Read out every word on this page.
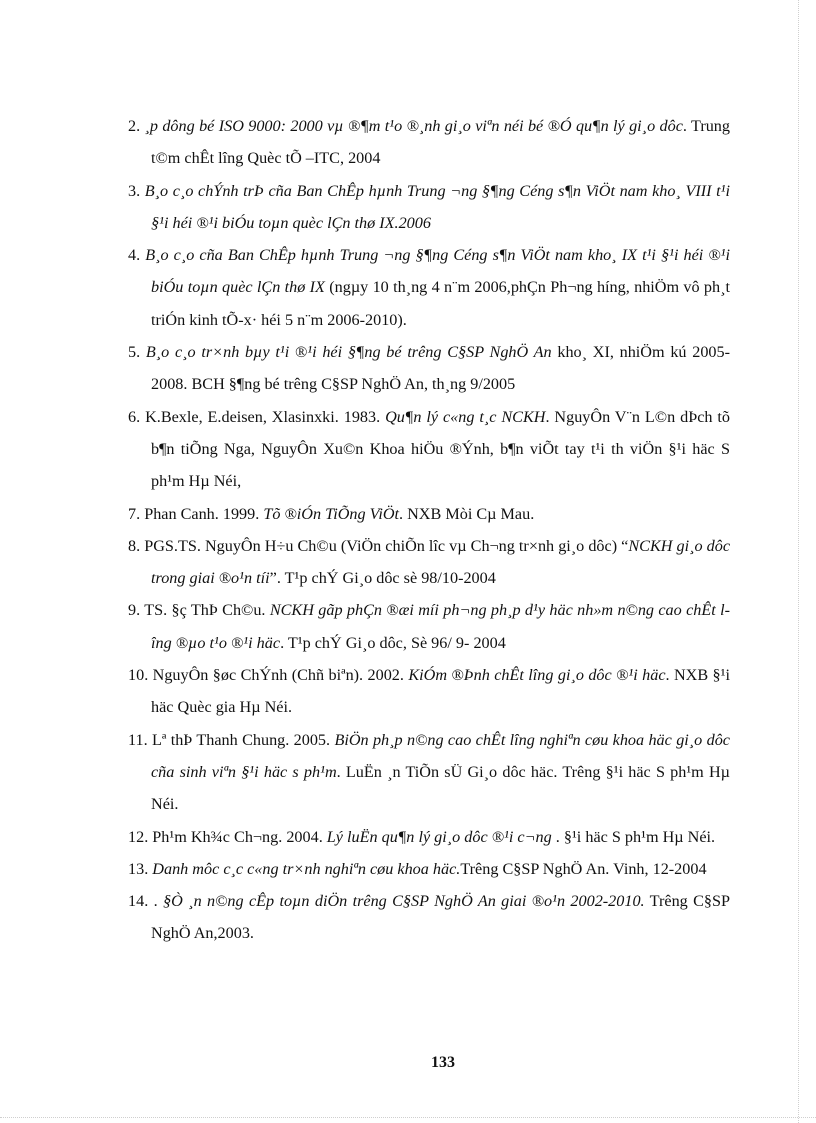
2. ¸p dông bé ISO 9000: 2000 vµ ®¶m t¹o ®¸nh gi¸o viªn néi bé ®Ó qu¶n lý gi¸o dôc. Trung t©m chÊt lîng Quèc tÕ –ITC, 2004
3. B¸o c¸o chÝnh trÞ cña Ban ChÊp hµnh Trung ¬ng §¶ng Céng s¶n ViÖt nam kho¸ VIII t¹i §¹i héi ®¹i biÓu toµn quèc lÇn thø IX.2006
4. B¸o c¸o cña Ban ChÊp hµnh Trung ¬ng §¶ng Céng s¶n ViÖt nam kho¸ IX t¹i §¹i héi ®¹i biÓu toµn quèc lÇn thø IX (ngµy 10 th¸ng 4 n¨m 2006,phÇn Ph¬ng híng, nhiÖm vô ph¸t triÓn kinh tÕ-x· héi 5 n¨m 2006-2010).
5. B¸o c¸o tr×nh bµy t¹i ®¹i héi §¶ng bé trêng C§SP NghÖ An kho¸ XI, nhiÖm kú 2005-2008. BCH §¶ng bé trêng C§SP NghÖ An, th¸ng 9/2005
6. K.Bexle, E.deisen, Xlasinxki. 1983. Qu¶n lý c«ng t¸c NCKH. NguyÔn V¨n L©n dÞch tõ b¶n tiÕng Nga, NguyÔn Xu©n Khoa hiÖu ®Ýnh, b¶n viÕt tay t¹i th viÖn §¹i häc S ph¹m Hµ Néi,
7. Phan Canh. 1999. Tõ ®iÓn TiÕng ViÖt. NXB Mòi Cµ Mau.
8. PGS.TS. NguyÔn H÷u Ch©u (ViÖn chiÕn lîc vµ Ch¬ng tr×nh gi¸o dôc) “NCKH gi¸o dôc trong giai ®o¹n tíi”. T¹p chÝ Gi¸o dôc sè 98/10-2004
9. TS. §ç ThÞ Ch©u. NCKH gãp phÇn ®æi míi ph¬ng ph¸p d¹y häc nh»m n©ng cao chÊt lîng ®µo t¹o ®¹i häc. T¹p chÝ Gi¸o dôc, Sè 96/ 9- 2004
10. NguyÔn §øc ChÝnh (Chñ biªn). 2002. KiÓm ®Þnh chÊt lîng gi¸o dôc ®¹i häc. NXB §¹i häc Quèc gia Hµ Néi.
11. Lª thÞ Thanh Chung. 2005. BiÖn ph¸p n©ng cao chÊt lîng nghiªn cøu khoa häc gi¸o dôc cña sinh viªn §¹i häc s ph¹m. LuËn ¸n TiÕn sÜ Gi¸o dôc häc. Trêng §¹i häc S ph¹m Hµ Néi.
12. Ph¹m Kh¾c Ch¬ng. 2004. Lý luËn qu¶n lý gi¸o dôc ®¹i c¬ng . §¹i häc S ph¹m Hµ Néi.
13. Danh môc c¸c c«ng tr×nh nghiªn cøu khoa häc.Trêng C§SP NghÖ An. Vinh, 12-2004
14. . §Ò ¸n n©ng cÊp toµn diÖn trêng C§SP NghÖ An giai ®o¹n 2002-2010. Trêng C§SP NghÖ An,2003.
133
